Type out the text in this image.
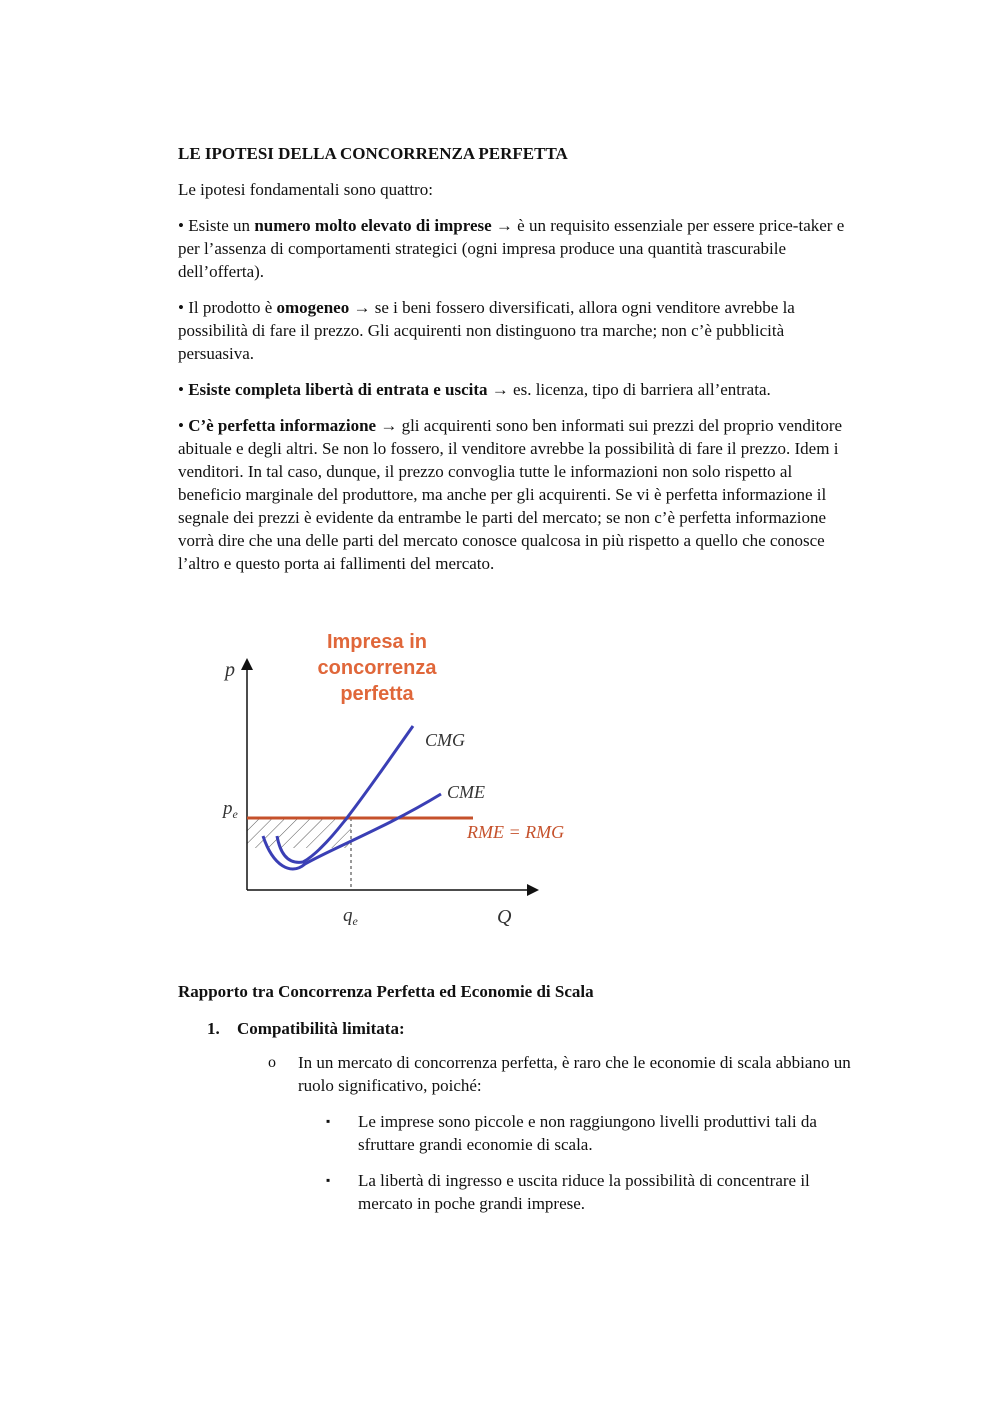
LE IPOTESI DELLA CONCORRENZA PERFETTA

Le ipotesi fondamentali sono quattro:

• Esiste un numero molto elevato di imprese → è un requisito essenziale per essere price-taker e per l’assenza di comportamenti strategici (ogni impresa produce una quantità trascurabile dell’offerta).

• Il prodotto è omogeneo → se i beni fossero diversificati, allora ogni venditore avrebbe la possibilità di fare il prezzo. Gli acquirenti non distinguono tra marche; non c’è pubblicità persuasiva.

• Esiste completa libertà di entrata e uscita → es. licenza, tipo di barriera all’entrata.

• C’è perfetta informazione → gli acquirenti sono ben informati sui prezzi del proprio venditore abituale e degli altri. Se non lo fossero, il venditore avrebbe la possibilità di fare il prezzo. Idem i venditori. In tal caso, dunque, il prezzo convoglia tutte le informazioni non solo rispetto al beneficio marginale del produttore, ma anche per gli acquirenti. Se vi è perfetta informazione il segnale dei prezzi è evidente da entrambe le parti del mercato; se non c’è perfetta informazione vorrà dire che una delle parti del mercato conosce qualcosa in più rispetto a quello che conosce l’altro e questo porta ai fallimenti del mercato.

Impresa in
concorrenza
perfetta
p
Q
$p_e$
$q_e$
CMG
CME
RME = RMG
Rapporto tra Concorrenza Perfetta ed Economie di Scala
1. Compatibilità limitata:
o In un mercato di concorrenza perfetta, è raro che le economie di scala abbiano un ruolo significativo, poiché:
▪ Le imprese sono piccole e non raggiungono livelli produttivi tali da sfruttare grandi economie di scala.
▪ La libertà di ingresso e uscita riduce la possibilità di concentrare il mercato in poche grandi imprese.
